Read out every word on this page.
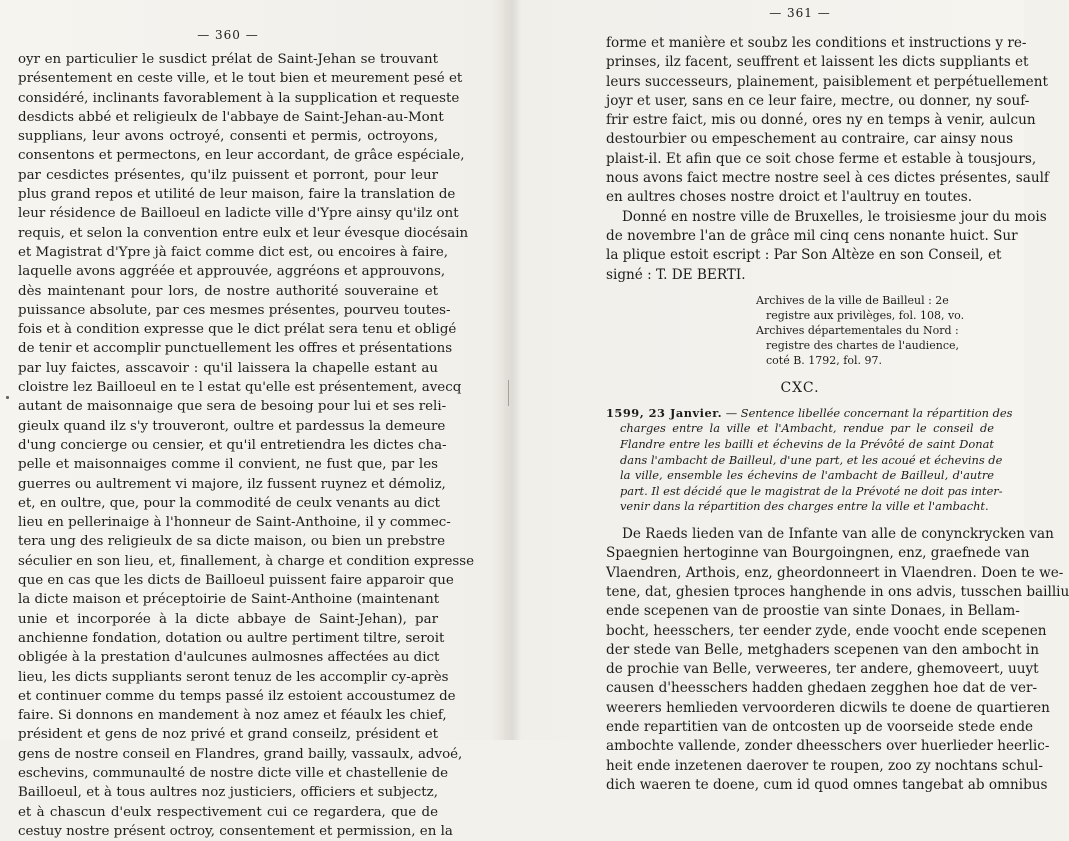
— 360 —
oyr en particulier le susdict prélat de Saint-Jehan se trouvant
présentement en ceste ville, et le tout bien et meurement pesé et
considéré, inclinants favorablement à la supplication et requeste
desdicts abbé et religieulx de l'abbaye de Saint-Jehan-au-Mont
supplians, leur avons octroyé, consenti et permis, octroyons,
consentons et permectons, en leur accordant, de grâce espéciale,
par cesdictes présentes, qu'ilz puissent et porront, pour leur
plus grand repos et utilité de leur maison, faire la translation de
leur résidence de Bailloeul en ladicte ville d'Ypre ainsy qu'ilz ont
requis, et selon la convention entre eulx et leur évesque diocésain
et Magistrat d'Ypre jà faict comme dict est, ou encoires à faire,
laquelle avons aggréée et approuvée, aggréons et approuvons,
dès maintenant pour lors, de nostre authorité souveraine et
puissance absolute, par ces mesmes présentes, pourveu toutes-
fois et à condition expresse que le dict prélat sera tenu et obligé
de tenir et accomplir punctuellement les offres et présentations
par luy faictes, asscavoir : qu'il laissera la chapelle estant au
cloistre lez Bailloeul en te l estat qu'elle est présentement, avecq
autant de maisonnaige que sera de besoing pour lui et ses reli-
gieulx quand ilz s'y trouveront, oultre et pardessus la demeure
d'ung concierge ou censier, et qu'il entretiendra les dictes cha-
pelle et maisonnaiges comme il convient, ne fust que, par les
guerres ou aultrement vi majore, ilz fussent ruynez et démoliz,
et, en oultre, que, pour la commodité de ceulx venants au dict
lieu en pellerinaige à l'honneur de Saint-Anthoine, il y commec-
tera ung des religieulx de sa dicte maison, ou bien un prebstre
séculier en son lieu, et, finallement, à charge et condition expresse
que en cas que les dicts de Bailloeul puissent faire apparoir que
la dicte maison et préceptoirie de Saint-Anthoine (maintenant
unie et incorporée à la dicte abbaye de Saint-Jehan), par
anchienne fondation, dotation ou aultre pertiment tiltre, seroit
obligée à la prestation d'aulcunes aulmosnes affectées au dict
lieu, les dicts suppliants seront tenuz de les accomplir cy-après
et continuer comme du temps passé ilz estoient accoustumez de
faire. Si donnons en mandement à noz amez et féaulx les chief,
président et gens de noz privé et grand conseilz, président et
gens de nostre conseil en Flandres, grand bailly, vassaulx, advoé,
eschevins, communaulté de nostre dicte ville et chastellenie de
Bailloeul, et à tous aultres noz justiciers, officiers et subjectz,
et à chascun d'eulx respectivement cui ce regardera, que de
cestuy nostre présent octroy, consentement et permission, en la
— 361 —
forme et manière et soubz les conditions et instructions y re-
prinses, ilz facent, seuffrent et laissent les dicts suppliants et
leurs successeurs, plainement, paisiblement et perpétuellement
joyr et user, sans en ce leur faire, mectre, ou donner, ny souf-
frir estre faict, mis ou donné, ores ny en temps à venir, aulcun
destourbier ou empeschement au contraire, car ainsy nous
plaist-il. Et afin que ce soit chose ferme et estable à tousjours,
nous avons faict mectre nostre seel à ces dictes présentes, saulf
en aultres choses nostre droict et l'aultruy en toutes.
Donné en nostre ville de Bruxelles, le troisiesme jour du mois
de novembre l'an de grâce mil cinq cens nonante huict. Sur
la plique estoit escript : Par Son Altèze en son Conseil, et
signé : T. DE BERTI.
Archives de la ville de Bailleul : 2e
registre aux privilèges, fol. 108, vo.
Archives départementales du Nord :
registre des chartes de l'audience,
coté B. 1792, fol. 97.
CXC.
1599, 23 Janvier. — Sentence libellée concernant la répartition des
charges entre la ville et l'Ambacht, rendue par le conseil de
Flandre entre les bailli et échevins de la Prévôté de saint Donat
dans l'ambacht de Bailleul, d'une part, et les acoué et échevins de
la ville, ensemble les échevins de l'ambacht de Bailleul, d'autre
part. Il est décidé que le magistrat de la Prévoté ne doit pas inter-
venir dans la répartition des charges entre la ville et l'ambacht.
De Raeds lieden van de Infante van alle de conynckrycken van
Spaegnien hertoginne van Bourgoingnen, enz, graefnede van
Vlaendren, Arthois, enz, gheordonneert in Vlaendren. Doen te we-
tene, dat, ghesien tproces hanghende in ons advis, tusschen bailliu
ende scepenen van de proostie van sinte Donaes, in Bellam-
bocht, heesschers, ter eender zyde, ende voocht ende scepenen
der stede van Belle, metghaders scepenen van den ambocht in
de prochie van Belle, verweeres, ter andere, ghemoveert, uuyt
causen d'heesschers hadden ghedaen zegghen hoe dat de ver-
weerers hemlieden vervoorderen dicwils te doene de quartieren
ende repartitien van de ontcosten up de voorseide stede ende
ambochte vallende, zonder dheesschers over huerlieder heerlic-
heit ende inzetenen daerover te roupen, zoo zy nochtans schul-
dich waeren te doene, cum id quod omnes tangebat ab omnibus
